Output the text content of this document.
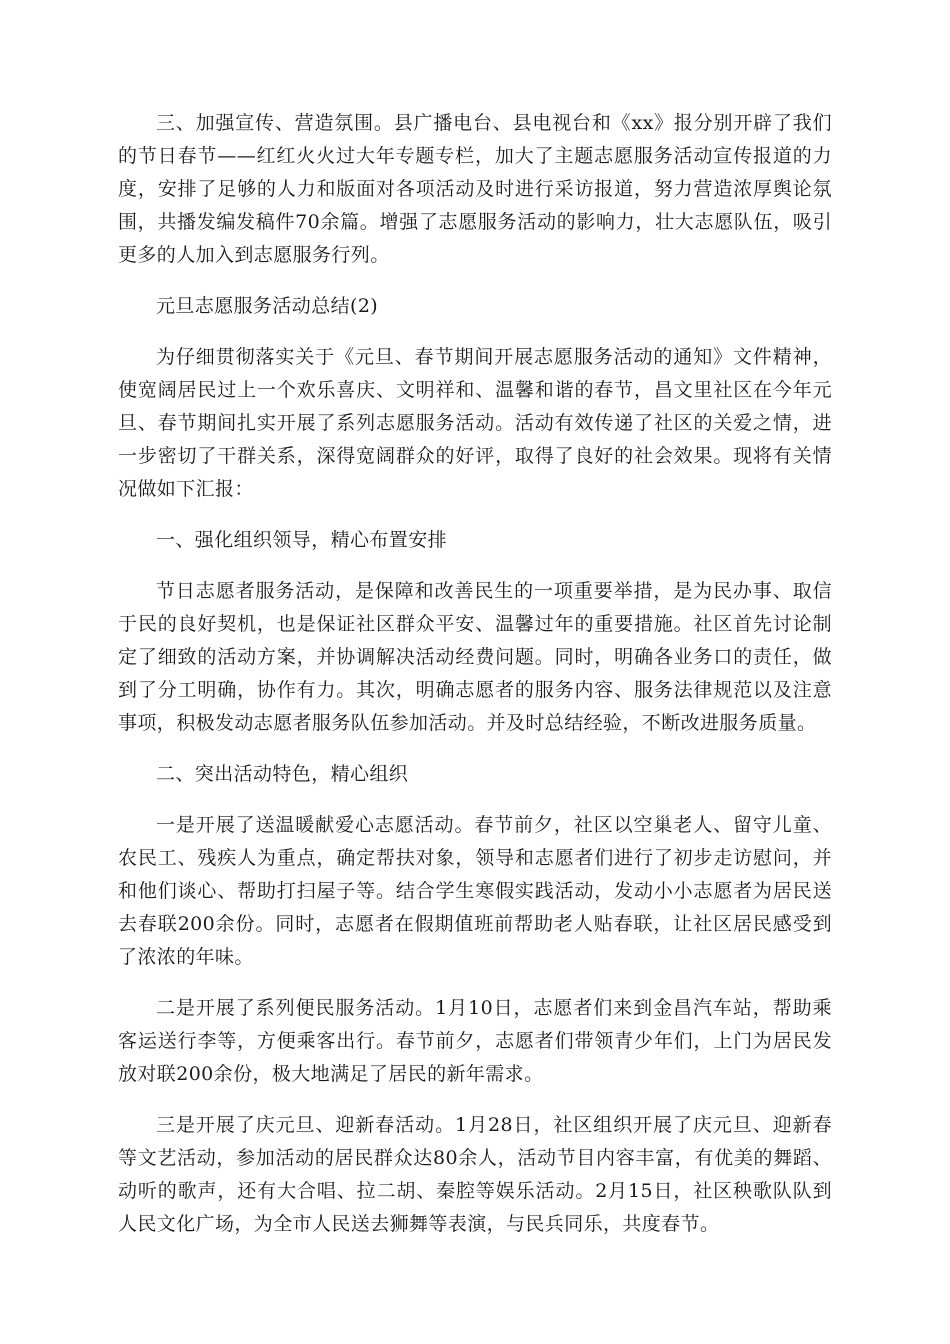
三、加强宣传、营造氛围。县广播电台、县电视台和《xx》报分别开辟了我们的节日春节——红红火火过大年专题专栏，加大了主题志愿服务活动宣传报道的力度，安排了足够的人力和版面对各项活动及时进行采访报道，努力营造浓厚舆论氛围，共播发编发稿件70余篇。增强了志愿服务活动的影响力，壮大志愿队伍，吸引更多的人加入到志愿服务行列。

元旦志愿服务活动总结(2)

为仔细贯彻落实关于《元旦、春节期间开展志愿服务活动的通知》文件精神，使宽阔居民过上一个欢乐喜庆、文明祥和、温馨和谐的春节，昌文里社区在今年元旦、春节期间扎实开展了系列志愿服务活动。活动有效传递了社区的关爱之情，进一步密切了干群关系，深得宽阔群众的好评，取得了良好的社会效果。现将有关情况做如下汇报：

一、强化组织领导，精心布置安排

节日志愿者服务活动，是保障和改善民生的一项重要举措，是为民办事、取信于民的良好契机，也是保证社区群众平安、温馨过年的重要措施。社区首先讨论制定了细致的活动方案，并协调解决活动经费问题。同时，明确各业务口的责任，做到了分工明确，协作有力。其次，明确志愿者的服务内容、服务法律规范以及注意事项，积极发动志愿者服务队伍参加活动。并及时总结经验，不断改进服务质量。

二、突出活动特色，精心组织

一是开展了送温暖献爱心志愿活动。春节前夕，社区以空巢老人、留守儿童、农民工、残疾人为重点，确定帮扶对象，领导和志愿者们进行了初步走访慰问，并和他们谈心、帮助打扫屋子等。结合学生寒假实践活动，发动小小志愿者为居民送去春联200余份。同时，志愿者在假期值班前帮助老人贴春联，让社区居民感受到了浓浓的年味。

二是开展了系列便民服务活动。1月10日，志愿者们来到金昌汽车站，帮助乘客运送行李等，方便乘客出行。春节前夕，志愿者们带领青少年们，上门为居民发放对联200余份，极大地满足了居民的新年需求。

三是开展了庆元旦、迎新春活动。1月28日，社区组织开展了庆元旦、迎新春等文艺活动，参加活动的居民群众达80余人，活动节目内容丰富，有优美的舞蹈、动听的歌声，还有大合唱、拉二胡、秦腔等娱乐活动。2月15日，社区秧歌队队到人民文化广场，为全市人民送去狮舞等表演，与民兵同乐，共度春节。
